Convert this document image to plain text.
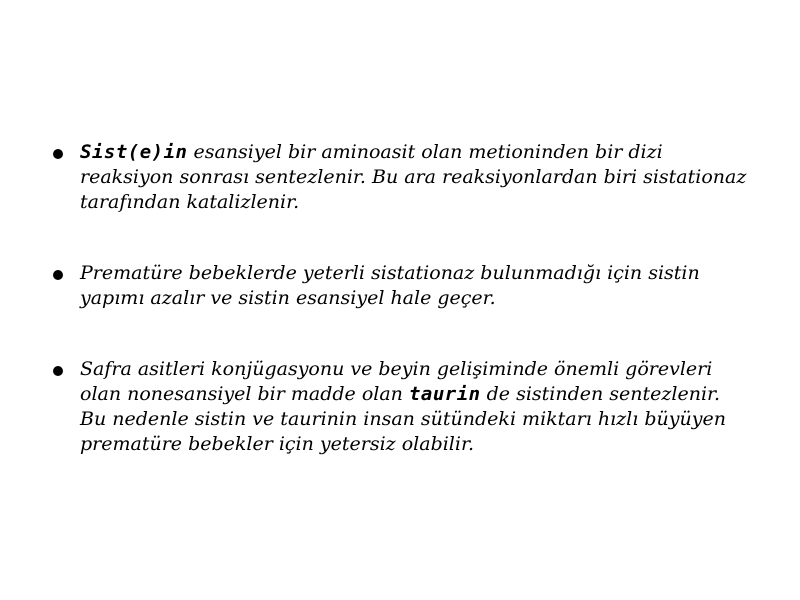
Sist(e)in esansiyel bir aminoasit olan metioninden bir dizi reaksiyon sonrası sentezlenir. Bu ara reaksiyonlardan biri sistationaz tarafından katalizlenir.
Prematüre bebeklerde yeterli sistationaz bulunmadığı için sistin yapımı azalır ve sistin esansiyel hale geçer.
Safra asitleri konjügasyonu ve beyin gelişiminde önemli görevleri olan nonesansiyel bir madde olan taurin de sistinden sentezlenir. Bu nedenle sistin ve taurinin insan sütündeki miktarı hızlı büyüyen prematüre bebekler için yetersiz olabilir.
